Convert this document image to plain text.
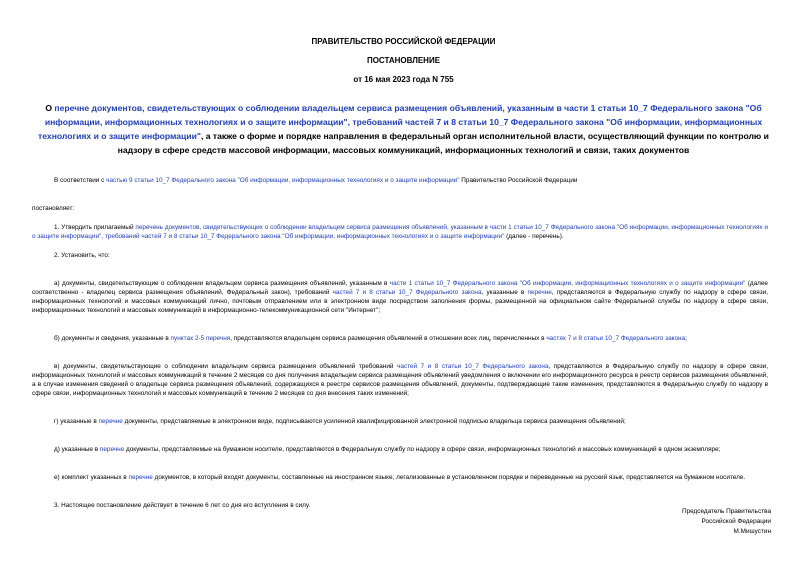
ПРАВИТЕЛЬСТВО РОССИЙСКОЙ ФЕДЕРАЦИИ
ПОСТАНОВЛЕНИЕ
от 16 мая 2023 года N 755
О перечне документов, свидетельствующих о соблюдении владельцем сервиса размещения объявлений, указанным в части 1 статьи 10_7 Федерального закона "Об информации, информационных технологиях и о защите информации", требований частей 7 и 8 статьи 10_7 Федерального закона "Об информации, информационных технологиях и о защите информации", а также о форме и порядке направления в федеральный орган исполнительной власти, осуществляющий функции по контролю и надзору в сфере средств массовой информации, массовых коммуникаций, информационных технологий и связи, таких документов

В соответствии с частью 9 статьи 10_7 Федерального закона "Об информации, информационных технологиях и о защите информации" Правительство Российской Федерации

постановляет:

1. Утвердить прилагаемый перечень документов, свидетельствующих о соблюдении владельцем сервиса размещения объявлений, указанным в части 1 статьи 10_7 Федерального закона "Об информации, информационных технологиях и о защите информации", требований частей 7 и 8 статьи 10_7 Федерального закона "Об информации, информационных технологиях и о защите информации" (далее - перечень).

2. Установить, что:

а) документы, свидетельствующие о соблюдении владельцем сервиса размещения объявлений, указанным в части 1 статьи 10_7 Федерального закона "Об информации, информационных технологиях и о защите информации" (далее соответственно - владелец сервиса размещения объявлений, Федеральный закон), требований частей 7 и 8 статьи 10_7 Федерального закона, указанные в перечне, представляются в Федеральную службу по надзору в сфере связи, информационных технологий и массовых коммуникаций лично, почтовым отправлением или в электронном виде посредством заполнения формы, размещенной на официальном сайте Федеральной службы по надзору в сфере связи, информационных технологий и массовых коммуникаций в информационно-телекоммуникационной сети "Интернет";

б) документы и сведения, указанные в пунктах 2-5 перечня, представляются владельцем сервиса размещения объявлений в отношении всех лиц, перечисленных в частях 7 и 8 статьи 10_7 Федерального закона;

в) документы, свидетельствующие о соблюдении владельцем сервиса размещения объявлений требований частей 7 и 8 статьи 10_7 Федерального закона, представляются в Федеральную службу по надзору в сфере связи, информационных технологий и массовых коммуникаций в течение 2 месяцев со дня получения владельцем сервиса размещения объявлений уведомления о включении его информационного ресурса в реестр сервисов размещения объявлений, а в случае изменения сведений о владельце сервиса размещения объявлений, содержащихся в реестре сервисов размещения объявлений, документы, подтверждающие такие изменения, представляются в Федеральную службу по надзору в сфере связи, информационных технологий и массовых коммуникаций в течение 2 месяцев со дня внесения таких изменений;

г) указанные в перечне документы, представляемые в электронном виде, подписываются усиленной квалифицированной электронной подписью владельца сервиса размещения объявлений;

д) указанные в перечне документы, представляемые на бумажном носителе, представляются в Федеральную службу по надзору в сфере связи, информационных технологий и массовых коммуникаций в одном экземпляре;

е) комплект указанных в перечне документов, в который входят документы, составленные на иностранном языке, легализованные в установленном порядке и переведенные на русский язык, представляется на бумажном носителе.

3. Настоящее постановление действует в течение 6 лет со дня его вступления в силу.

Председатель Правительства
Российской Федерации
М.Мишустин
